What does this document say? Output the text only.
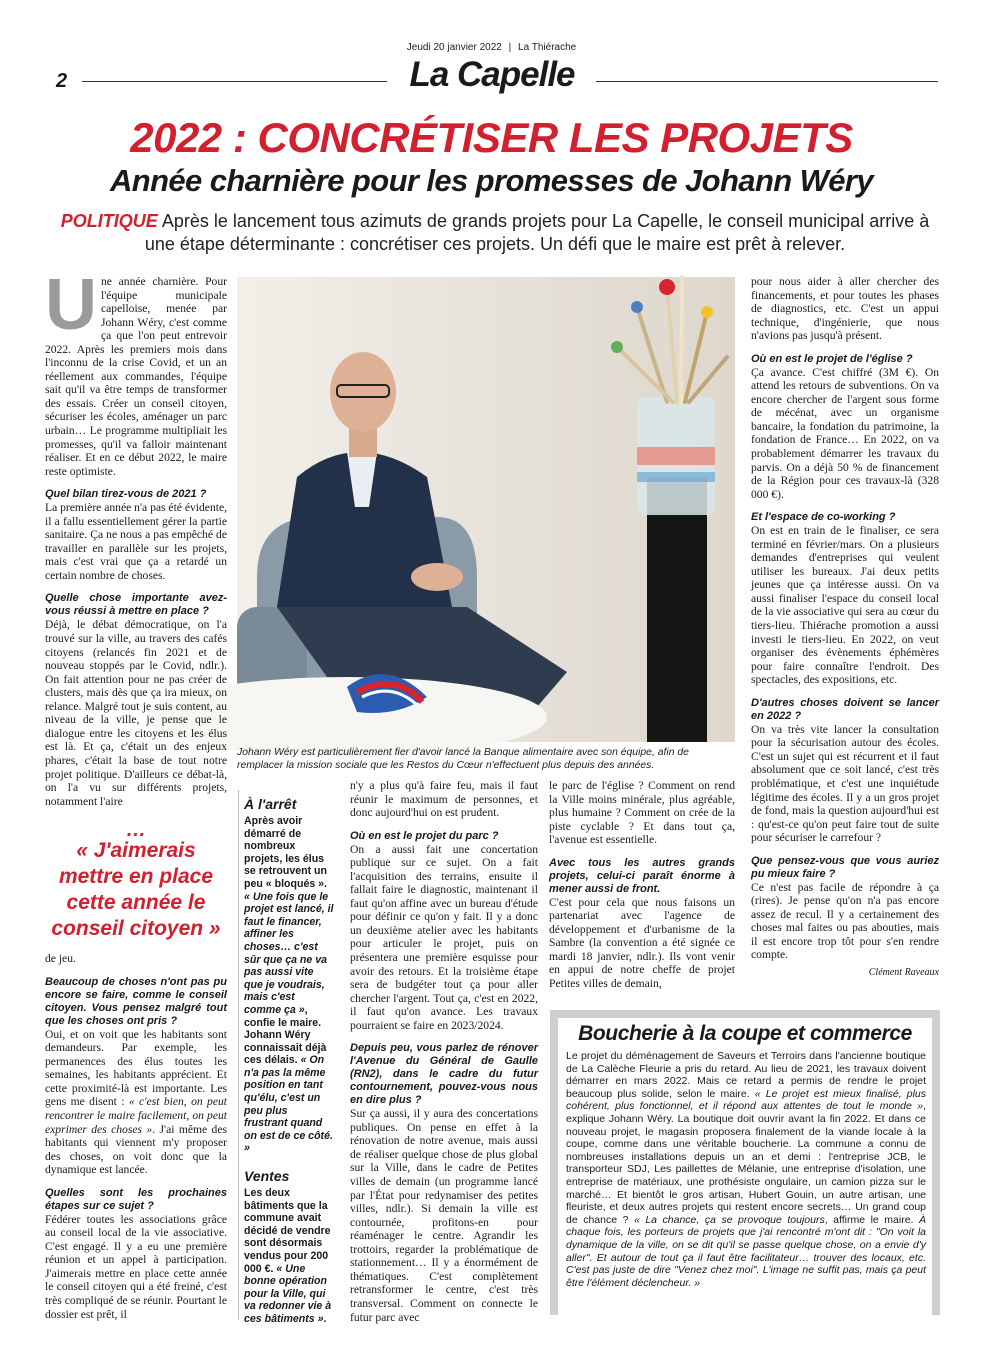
Jeudi 20 janvier 2022 | La Thiérache
2	La Capelle
2022 : CONCRÉTISER LES PROJETS
Année charnière pour les promesses de Johann Wéry
POLITIQUE Après le lancement tous azimuts de grands projets pour La Capelle, le conseil municipal arrive à une étape déterminante : concrétiser ces projets. Un défi que le maire est prêt à relever.
Johann Wéry est particulièrement fier d'avoir lancé la Banque alimentaire avec son équipe, afin de remplacer la mission sociale que les Restos du Cœur n'effectuent plus depuis des années.
U ne année charnière. Pour l'équipe municipale capelloise, menée par Johann Wéry, c'est comme ça que l'on peut entrevoir 2022. Après les premiers mois dans l'inconnu de la crise Covid, et un an réellement aux commandes, l'équipe sait qu'il va être temps de transformer des essais. Créer un conseil citoyen, sécuriser les écoles, aménager un parc urbain… Le programme multipliait les promesses, qu'il va falloir maintenant réaliser. Et en ce début 2022, le maire reste optimiste.

Quel bilan tirez-vous de 2021 ?

La première année n'a pas été évidente, il a fallu essentiellement gérer la partie sanitaire. Ça ne nous a pas empêché de travailler en parallèle sur les projets, mais c'est vrai que ça a retardé un certain nombre de choses.

Quelle chose importante avez-vous réussi à mettre en place ?

Déjà, le débat démocratique, on l'a trouvé sur la ville, au travers des cafés citoyens (relancés fin 2021 et de nouveau stoppés par le Covid, ndlr.). On fait attention pour ne pas créer de clusters, mais dès que ça ira mieux, on relance. Malgré tout je suis content, au niveau de la ville, je pense que le dialogue entre les citoyens et les élus est là. Et ça, c'était un des enjeux phares, c'était la base de tout notre projet politique. D'ailleurs ce débat-là, on l'a vu sur différents projets, notamment l'aire

…
« J'aimerais mettre en place cette année le conseil citoyen »

de jeu.

Beaucoup de choses n'ont pas pu encore se faire, comme le conseil citoyen. Vous pensez malgré tout que les choses ont pris ?

Oui, et on voit que les habitants sont demandeurs. Par exemple, les permanences des élus toutes les semaines, les habitants apprécient. Et cette proximité-là est importante. Les gens me disent : « c'est bien, on peut rencontrer le maire facilement, on peut exprimer des choses ». J'ai même des habitants qui viennent m'y proposer des choses, on voit donc que la dynamique est lancée.

Quelles sont les prochaines étapes sur ce sujet ?

Fédérer toutes les associations grâce au conseil local de la vie associative. C'est engagé. Il y a eu une première réunion et un appel à participation. J'aimerais mettre en place cette année le conseil citoyen qui a été freiné, c'est très compliqué de se réunir. Pourtant le dossier est prêt, il

À l'arrêt

Après avoir démarré de nombreux projets, les élus se retrouvent un peu « bloqués ». « Une fois que le projet est lancé, il faut le financer, affiner les choses… c'est sûr que ça ne va pas aussi vite que je voudrais, mais c'est comme ça », confie le maire. Johann Wéry connaissait déjà ces délais. « On n'a pas la même position en tant qu'élu, c'est un peu plus frustrant quand on est de ce côté. »

Ventes

Les deux bâtiments que la commune avait décidé de vendre sont désormais vendus pour 200 000 €. « Une bonne opération pour la Ville, qui va redonner vie à ces bâtiments ».

n'y a plus qu'à faire feu, mais il faut réunir le maximum de personnes, et donc aujourd'hui on est prudent.

Où en est le projet du parc ?

On a aussi fait une concertation publique sur ce sujet. On a fait l'acquisition des terrains, ensuite il fallait faire le diagnostic, maintenant il faut qu'on affine avec un bureau d'étude pour définir ce qu'on y fait. Il y a donc un deuxième atelier avec les habitants pour articuler le projet, puis on présentera une première esquisse pour avoir des retours. Et la troisième étape sera de budgéter tout ça pour aller chercher l'argent. Tout ça, c'est en 2022, il faut qu'on avance. Les travaux pourraient se faire en 2023/2024.

Depuis peu, vous parlez de rénover l'Avenue du Général de Gaulle (RN2), dans le cadre du futur contournement, pouvez-vous nous en dire plus ?

Sur ça aussi, il y aura des concertations publiques. On pense en effet à la rénovation de notre avenue, mais aussi de réaliser quelque chose de plus global sur la Ville, dans le cadre de Petites villes de demain (un programme lancé par l'État pour redynamiser des petites villes, ndlr.). Si demain la ville est contournée, profitons-en pour réaménager le centre. Agrandir les trottoirs, regarder la problématique de stationnement… Il y a énormément de thématiques. C'est complètement retransformer le centre, c'est très transversal. Comment on connecte le futur parc avec

le parc de l'église ? Comment on rend la Ville moins minérale, plus agréable, plus humaine ? Comment on crée de la piste cyclable ? Et dans tout ça, l'avenue est essentielle.

Avec tous les autres grands projets, celui-ci paraît énorme à mener aussi de front.

C'est pour cela que nous faisons un partenariat avec l'agence de développement et d'urbanisme de la Sambre (la convention a été signée ce mardi 18 janvier, ndlr.). Ils vont venir en appui de notre cheffe de projet Petites villes de demain,

pour nous aider à aller chercher des financements, et pour toutes les phases de diagnostics, etc. C'est un appui technique, d'ingénierie, que nous n'avions pas jusqu'à présent.

Où en est le projet de l'église ?

Ça avance. C'est chiffré (3M €). On attend les retours de subventions. On va encore chercher de l'argent sous forme de mécénat, avec un organisme bancaire, la fondation du patrimoine, la fondation de France… En 2022, on va probablement démarrer les travaux du parvis. On a déjà 50 % de financement de la Région pour ces travaux-là (328 000 €).

Et l'espace de co-working ?

On est en train de le finaliser, ce sera terminé en février/mars. On a plusieurs demandes d'entreprises qui veulent utiliser les bureaux. J'ai deux petits jeunes que ça intéresse aussi. On va aussi finaliser l'espace du conseil local de la vie associative qui sera au cœur du tiers-lieu. Thiérache promotion a aussi investi le tiers-lieu. En 2022, on veut organiser des évènements éphémères pour faire connaître l'endroit. Des spectacles, des expositions, etc.

D'autres choses doivent se lancer en 2022 ?

On va très vite lancer la consultation pour la sécurisation autour des écoles. C'est un sujet qui est récurrent et il faut absolument que ce soit lancé, c'est très problématique, et c'est une inquiétude légitime des écoles. Il y a un gros projet de fond, mais la question aujourd'hui est : qu'est-ce qu'on peut faire tout de suite pour sécuriser le carrefour ?

Que pensez-vous que vous auriez pu mieux faire ?

Ce n'est pas facile de répondre à ça (rires). Je pense qu'on n'a pas encore assez de recul. Il y a certainement des choses mal faites ou pas abouties, mais il est encore trop tôt pour s'en rendre compte.

Clément Raveaux

Boucherie à la coupe et commerce
Le projet du déménagement de Saveurs et Terroirs dans l'ancienne boutique de La Calèche Fleurie a pris du retard. Au lieu de 2021, les travaux doivent démarrer en mars 2022. Mais ce retard a permis de rendre le projet beaucoup plus solide, selon le maire. « Le projet est mieux finalisé, plus cohérent, plus fonctionnel, et il répond aux attentes de tout le monde », explique Johann Wéry. La boutique doit ouvrir avant la fin 2022. Et dans ce nouveau projet, le magasin proposera finalement de la viande locale à la coupe, comme dans une véritable boucherie. La commune a connu de nombreuses installations depuis un an et demi : l'entreprise JCB, le transporteur SDJ, Les paillettes de Mélanie, une entreprise d'isolation, une entreprise de matériaux, une prothésiste ongulaire, un camion pizza sur le marché… Et bientôt le gros artisan, Hubert Gouin, un autre artisan, une fleuriste, et deux autres projets qui restent encore secrets… Un grand coup de chance ? « La chance, ça se provoque toujours, affirme le maire. À chaque fois, les porteurs de projets que j'ai rencontré m'ont dit : "On voit la dynamique de la ville, on se dit qu'il se passe quelque chose, on a envie d'y aller". Et autour de tout ça il faut être facilitateur… trouver des locaux, etc. C'est pas juste de dire "Venez chez moi". L'image ne suffit pas, mais ça peut être l'élément déclencheur. »
